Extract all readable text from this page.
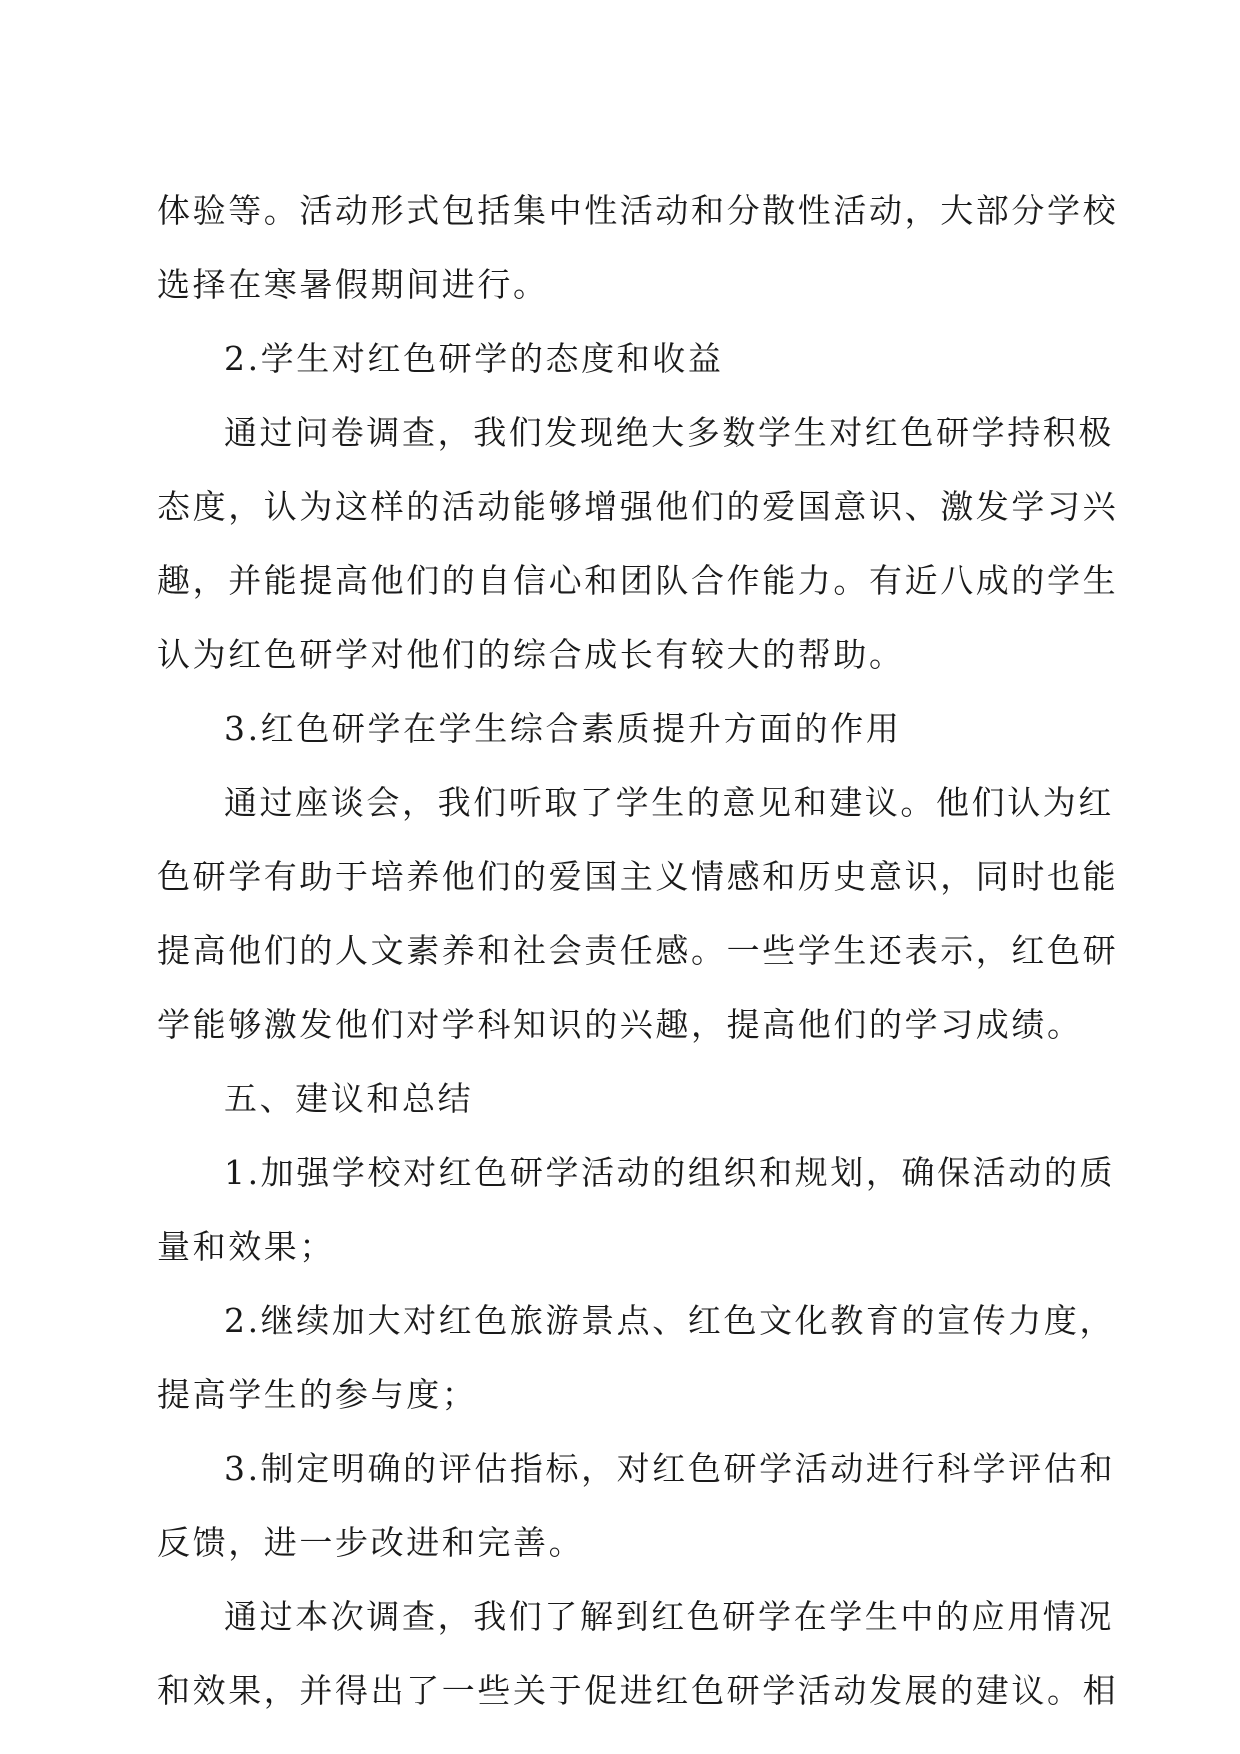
体验等。活动形式包括集中性活动和分散性活动，大部分学校
选择在寒暑假期间进行。
2.学生对红色研学的态度和收益
通过问卷调查，我们发现绝大多数学生对红色研学持积极
态度，认为这样的活动能够增强他们的爱国意识、激发学习兴
趣，并能提高他们的自信心和团队合作能力。有近八成的学生
认为红色研学对他们的综合成长有较大的帮助。
3.红色研学在学生综合素质提升方面的作用
通过座谈会，我们听取了学生的意见和建议。他们认为红
色研学有助于培养他们的爱国主义情感和历史意识，同时也能
提高他们的人文素养和社会责任感。一些学生还表示，红色研
学能够激发他们对学科知识的兴趣，提高他们的学习成绩。
五、建议和总结
1.加强学校对红色研学活动的组织和规划，确保活动的质
量和效果；
2.继续加大对红色旅游景点、红色文化教育的宣传力度，
提高学生的参与度；
3.制定明确的评估指标，对红色研学活动进行科学评估和
反馈，进一步改进和完善。
通过本次调查，我们了解到红色研学在学生中的应用情况
和效果，并得出了一些关于促进红色研学活动发展的建议。相
